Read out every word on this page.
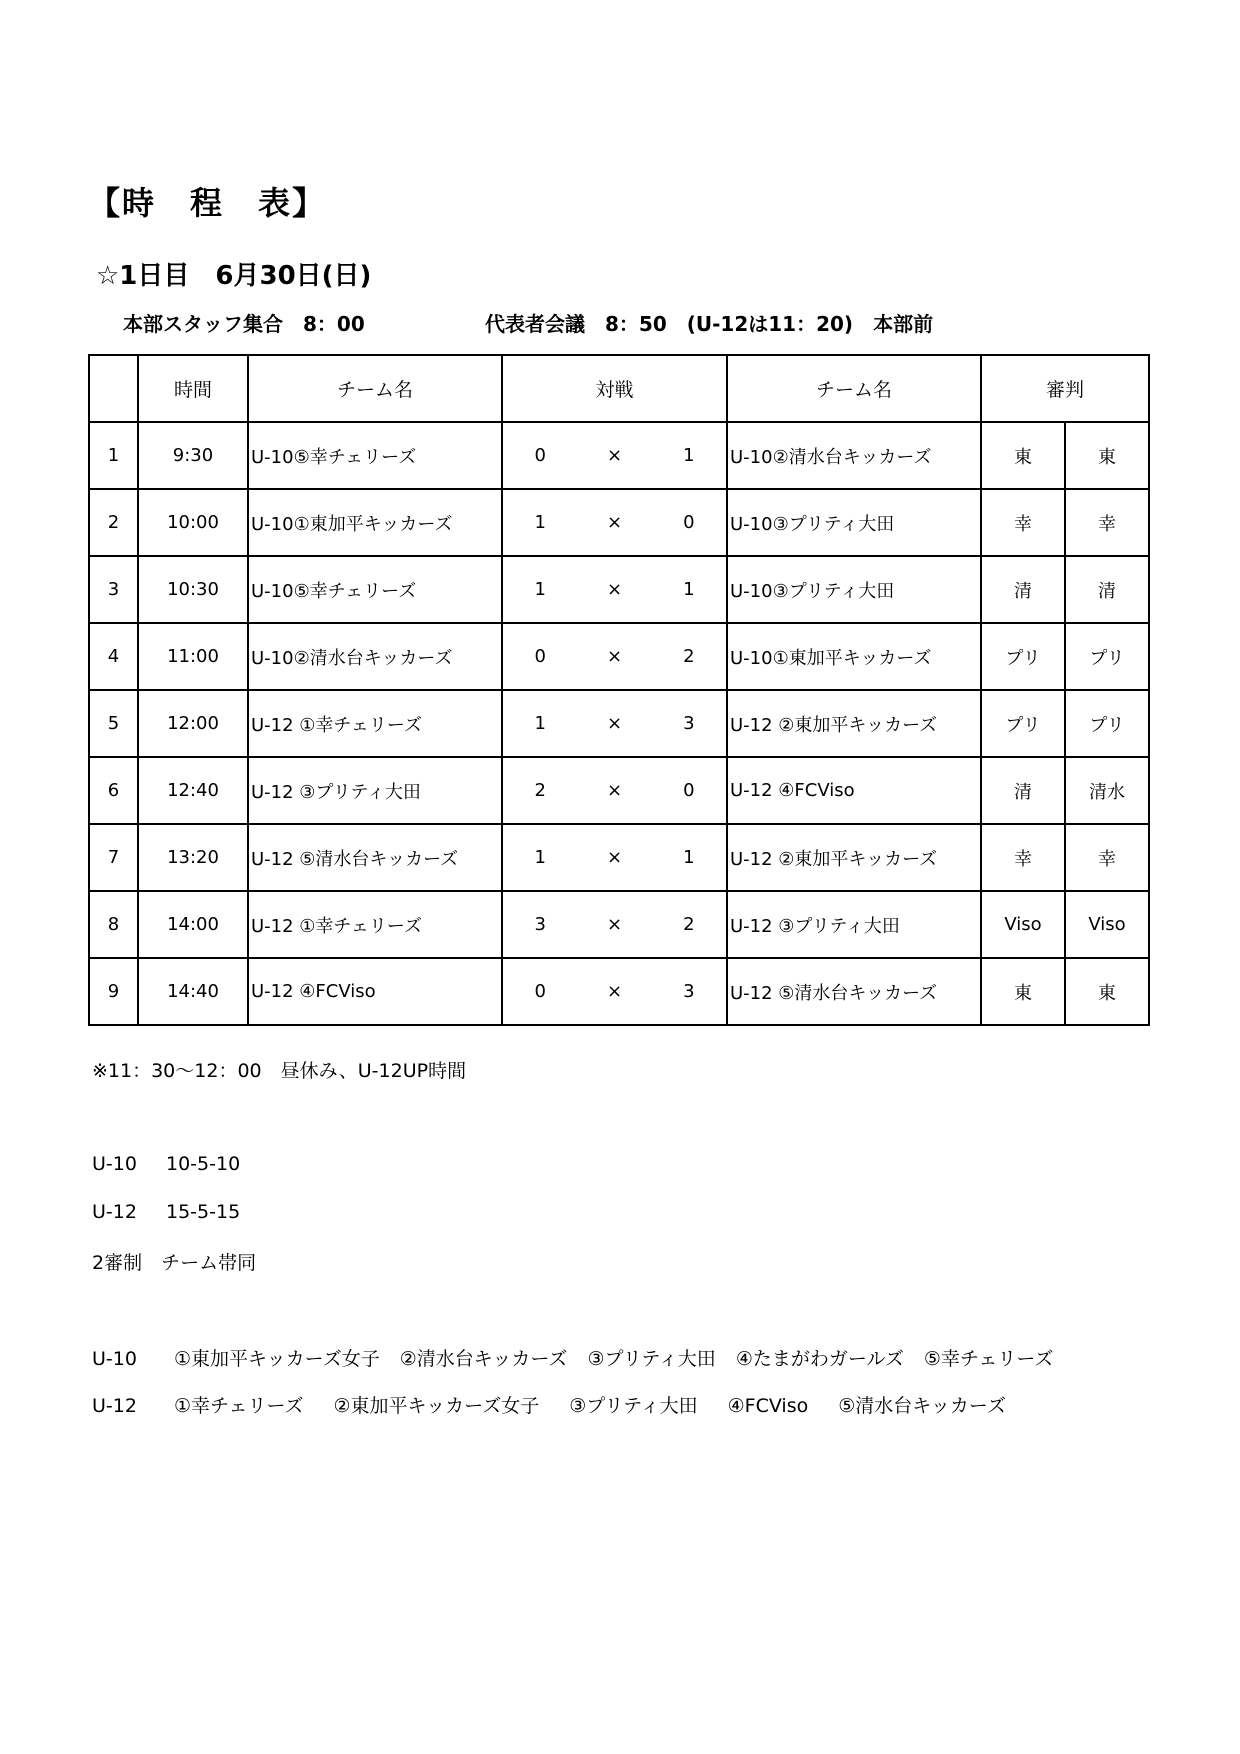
【時 程 表】
☆1日目　6月30日(日)
本部スタッフ集合　8：00	代表者会議　8：50　(U-12は11：20)　本部前
	時間	チーム名	対戦	チーム名	審判	
1	9:30	U-10⑤幸チェリーズ	0 × 1	U-10②清水台キッカーズ	東	東
2	10:00	U-10①東加平キッカーズ	1 × 0	U-10③プリティ大田	幸	幸
3	10:30	U-10⑤幸チェリーズ	1 × 1	U-10③プリティ大田	清	清
4	11:00	U-10②清水台キッカーズ	0 × 2	U-10①東加平キッカーズ	プリ	プリ
5	12:00	U-12 ①幸チェリーズ	1 × 3	U-12 ②東加平キッカーズ	プリ	プリ
6	12:40	U-12 ③プリティ大田	2 × 0	U-12 ④FCViso	清	清水
7	13:20	U-12 ⑤清水台キッカーズ	1 × 1	U-12 ②東加平キッカーズ	幸	幸
8	14:00	U-12 ①幸チェリーズ	3 × 2	U-12 ③プリティ大田	Viso	Viso
9	14:40	U-12 ④FCViso	0 × 3	U-12 ⑤清水台キッカーズ	東	東
※11：30～12：00　昼休み、U-12UP時間
U-10 10-5-10
U-12 15-5-15
2審制　チーム帯同
U-10 ①東加平キッカーズ女子 ②清水台キッカーズ ③プリティ大田 ④たまがわガールズ ⑤幸チェリーズ
U-12 ①幸チェリーズ ②東加平キッカーズ女子 ③プリティ大田 ④FCViso ⑤清水台キッカーズ
